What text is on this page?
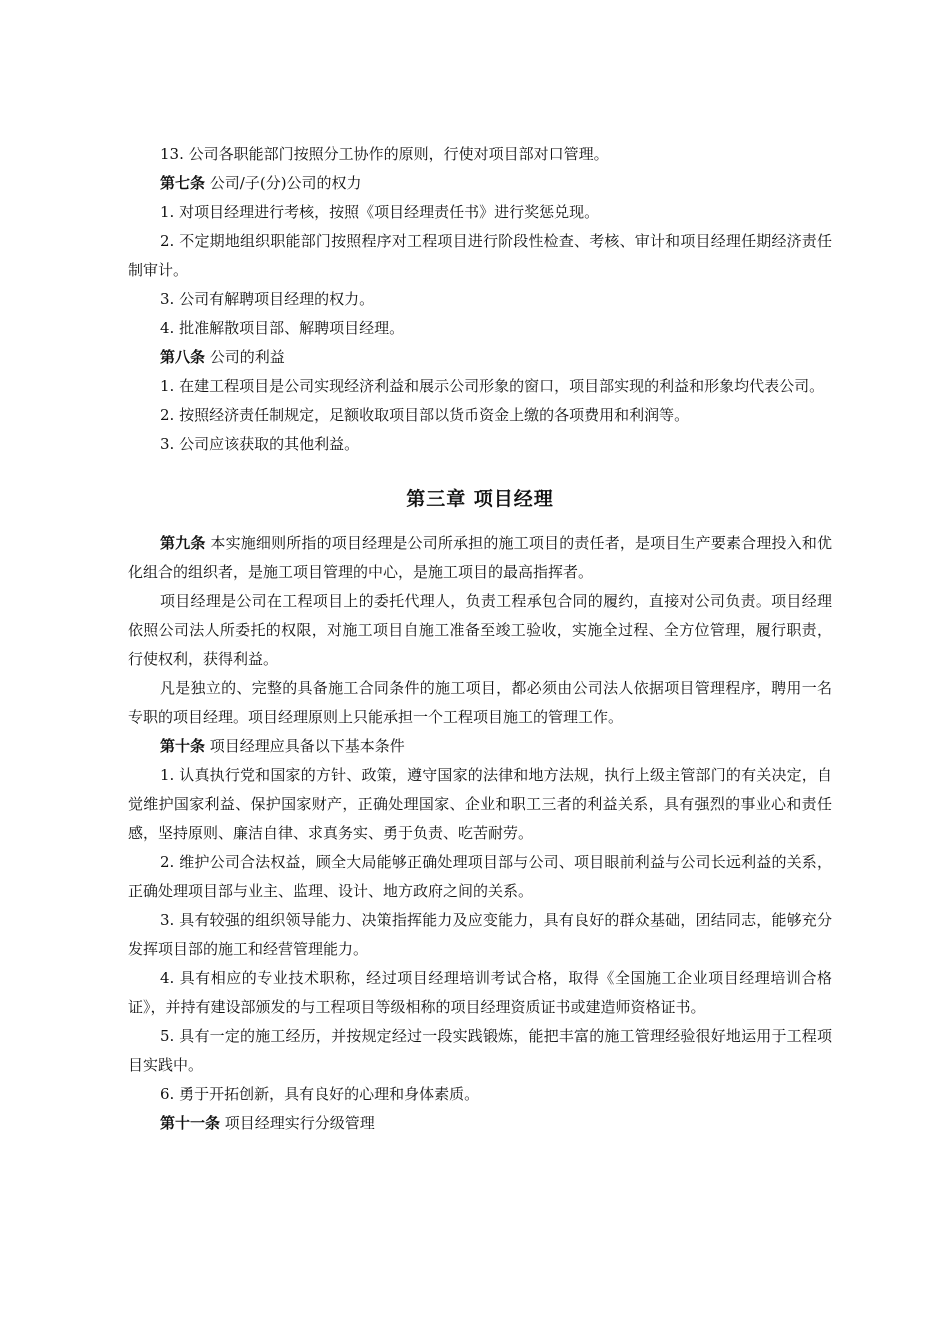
13. 公司各职能部门按照分工协作的原则，行使对项目部对口管理。

第七条 公司/子(分)公司的权力

1. 对项目经理进行考核，按照《项目经理责任书》进行奖惩兑现。

2. 不定期地组织职能部门按照程序对工程项目进行阶段性检查、考核、审计和项目经理任期经济责任制审计。

3. 公司有解聘项目经理的权力。

4. 批准解散项目部、解聘项目经理。

第八条 公司的利益

1. 在建工程项目是公司实现经济利益和展示公司形象的窗口，项目部实现的利益和形象均代表公司。

2. 按照经济责任制规定，足额收取项目部以货币资金上缴的各项费用和利润等。

3. 公司应该获取的其他利益。

第三章 项目经理

第九条 本实施细则所指的项目经理是公司所承担的施工项目的责任者，是项目生产要素合理投入和优化组合的组织者，是施工项目管理的中心，是施工项目的最高指挥者。

项目经理是公司在工程项目上的委托代理人，负责工程承包合同的履约，直接对公司负责。项目经理依照公司法人所委托的权限，对施工项目自施工准备至竣工验收，实施全过程、全方位管理，履行职责，行使权利，获得利益。

凡是独立的、完整的具备施工合同条件的施工项目，都必须由公司法人依据项目管理程序，聘用一名专职的项目经理。项目经理原则上只能承担一个工程项目施工的管理工作。

第十条 项目经理应具备以下基本条件

1. 认真执行党和国家的方针、政策，遵守国家的法律和地方法规，执行上级主管部门的有关决定，自觉维护国家利益、保护国家财产，正确处理国家、企业和职工三者的利益关系，具有强烈的事业心和责任感，坚持原则、廉洁自律、求真务实、勇于负责、吃苦耐劳。

2. 维护公司合法权益，顾全大局能够正确处理项目部与公司、项目眼前利益与公司长远利益的关系，正确处理项目部与业主、监理、设计、地方政府之间的关系。

3. 具有较强的组织领导能力、决策指挥能力及应变能力，具有良好的群众基础，团结同志，能够充分发挥项目部的施工和经营管理能力。

4. 具有相应的专业技术职称，经过项目经理培训考试合格，取得《全国施工企业项目经理培训合格证》，并持有建设部颁发的与工程项目等级相称的项目经理资质证书或建造师资格证书。

5. 具有一定的施工经历，并按规定经过一段实践锻炼，能把丰富的施工管理经验很好地运用于工程项目实践中。

6. 勇于开拓创新，具有良好的心理和身体素质。

第十一条 项目经理实行分级管理
